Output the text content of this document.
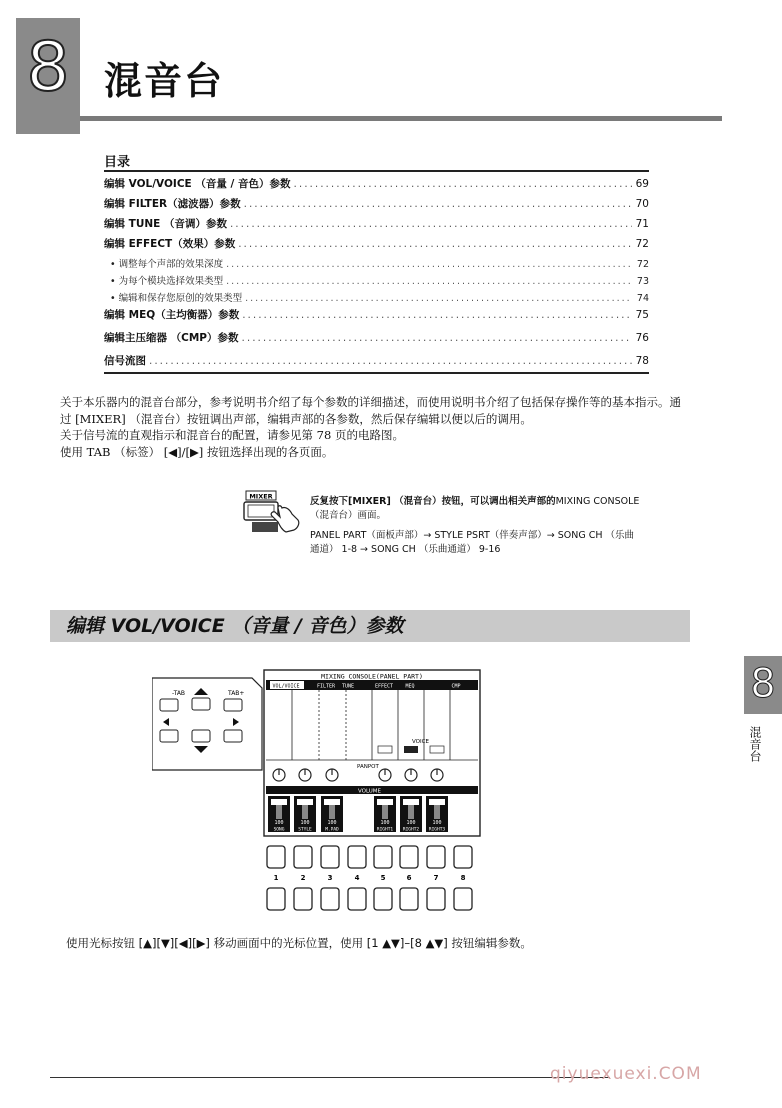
8 混音台
目录
编辑 VOL/VOICE （音量 / 音色）参数 .....	69
编辑 FILTER（滤波器）参数 .....	70
编辑 TUNE （音调）参数 .....	71
编辑 EFFECT（效果）参数 .....	72
• 调整每个声部的效果深度 .....	72
• 为每个模块选择效果类型 .....	73
• 编辑和保存您原创的效果类型 .....	74
编辑 MEQ（主均衡器）参数 .....	75
编辑主压缩器 （CMP）参数 .....	76
信号流图 .....	78

关于本乐器内的混音台部分，参考说明书介绍了每个参数的详细描述，而使用说明书介绍了包括保存操作等的基本指示。通过 [MIXER] （混音台）按钮调出声部，编辑声部的各参数，然后保存编辑以便以后的调用。

关于信号流的直观指示和混音台的配置，请参见第 78 页的电路图。

使用 TAB （标签） [◀]/[▶] 按钮选择出现的各页面。

MIXER	反复按下[MIXER] （混音台）按钮，可以调出相关声部的MIXING CONSOLE （混音台）画面。
PANEL PART（面板声部）→ STYLE PSRT（伴奏声部）→ SONG CH （乐曲通道） 1-8 → SONG CH （乐曲通道） 9-16
编辑 VOL/VOICE （音量 / 音色）参数
8
混音台
-TAB	TAB+
MIXING CONSOLE(PANEL PART)
VOL/VOICE	FILTER TUNE	EFFECT MEQ	CMP
VOICE
PANPOT
VOLUME
100
SONG
100
STYLE
100
M.PAD
100
RIGHT1
100
RIGHT2
100
RIGHT3
1	2	3	4	5	6	7	8
使用光标按钮 [▲][▼][◀][▶] 移动画面中的光标位置，使用 [1 ▲▼]–[8 ▲▼] 按钮编辑参数。
qiyuexuexi.COM
